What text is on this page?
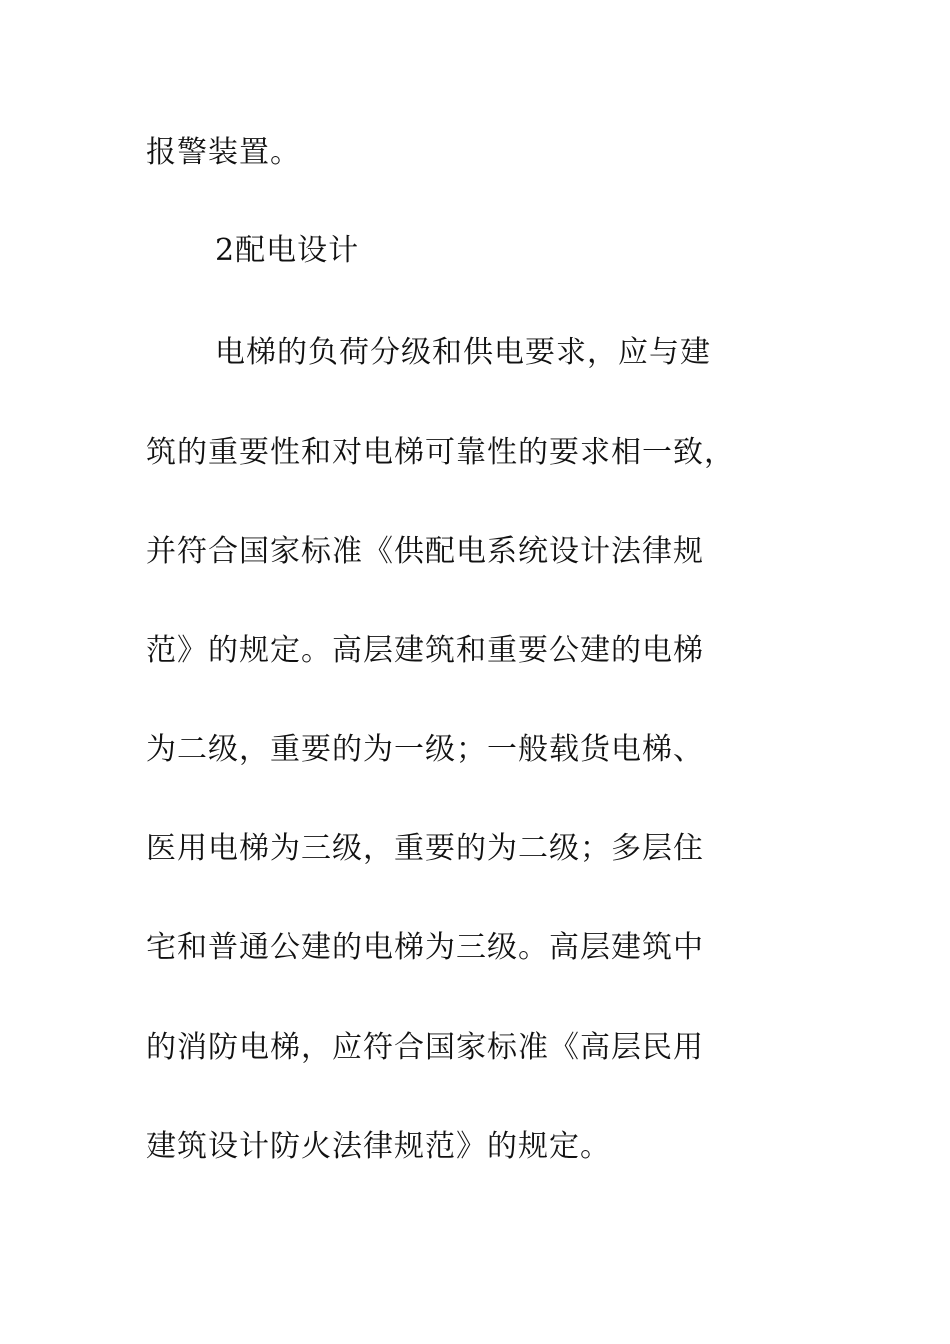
报警装置。
2配电设计
电梯的负荷分级和供电要求，应与建
筑的重要性和对电梯可靠性的要求相一致，
并符合国家标准《供配电系统设计法律规
范》的规定。高层建筑和重要公建的电梯
为二级，重要的为一级；一般载货电梯、
医用电梯为三级，重要的为二级；多层住
宅和普通公建的电梯为三级。高层建筑中
的消防电梯，应符合国家标准《高层民用
建筑设计防火法律规范》的规定。
